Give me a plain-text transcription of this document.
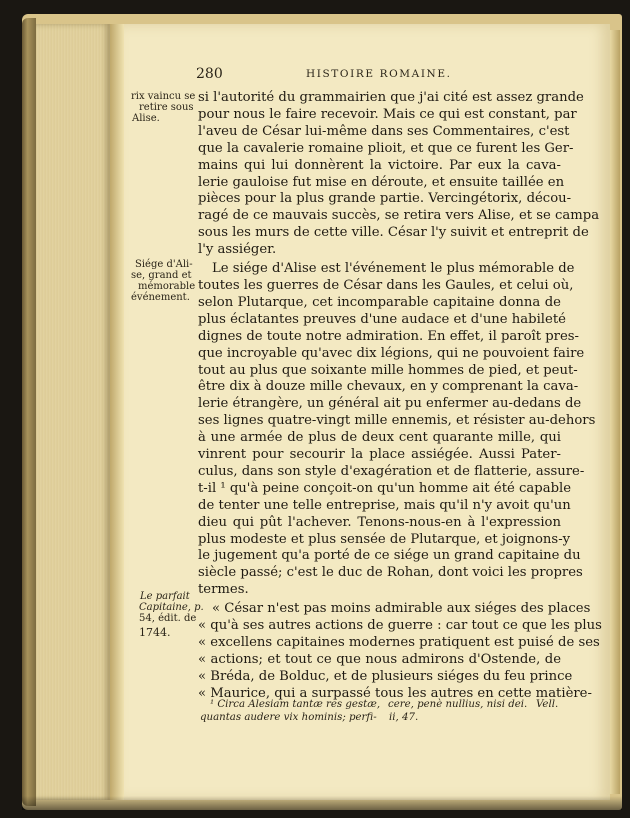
280	HISTOIRE ROMAINE.
rix vaincu se
retire sous
Alise.
Siége d'Ali-
se, grand et
mémorable
événement.
Le parfait
Capitaine, p.
54, édit. de
1744.
si l'autorité du grammairien que j'ai cité est assez grande
pour nous le faire recevoir. Mais ce qui est constant, par
l'aveu de César lui-même dans ses Commentaires, c'est
que la cavalerie romaine plioit, et que ce furent les Ger-
mains qui lui donnèrent la victoire. Par eux la cava-
lerie gauloise fut mise en déroute, et ensuite taillée en
pièces pour la plus grande partie. Vercingétorix, décou-
ragé de ce mauvais succès, se retira vers Alise, et se campa
sous les murs de cette ville. César l'y suivit et entreprit de
l'y assiéger.
Le siége d'Alise est l'événement le plus mémorable de
toutes les guerres de César dans les Gaules, et celui où,
selon Plutarque, cet incomparable capitaine donna de
plus éclatantes preuves d'une audace et d'une habileté
dignes de toute notre admiration. En effet, il paroît pres-
que incroyable qu'avec dix légions, qui ne pouvoient faire
tout au plus que soixante mille hommes de pied, et peut-
être dix à douze mille chevaux, en y comprenant la cava-
lerie étrangère, un général ait pu enfermer au-dedans de
ses lignes quatre-vingt mille ennemis, et résister au-dehors
à une armée de plus de deux cent quarante mille, qui
vinrent pour secourir la place assiégée. Aussi Pater-
culus, dans son style d'exagération et de flatterie, assure-
t-il ¹ qu'à peine conçoit-on qu'un homme ait été capable
de tenter une telle entreprise, mais qu'il n'y avoit qu'un
dieu qui pût l'achever. Tenons-nous-en à l'expression
plus modeste et plus sensée de Plutarque, et joignons-y
le jugement qu'a porté de ce siége un grand capitaine du
siècle passé; c'est le duc de Rohan, dont voici les propres
termes.
« César n'est pas moins admirable aux siéges des places
« qu'à ses autres actions de guerre : car tout ce que les plus
« excellens capitaines modernes pratiquent est puisé de ses
« actions; et tout ce que nous admirons d'Ostende, de
« Bréda, de Bolduc, et de plusieurs siéges du feu prince
« Maurice, qui a surpassé tous les autres en cette matière-
¹ Circa Alesiam tantæ res gestæ,
quantas audere vix hominis; perfi-
cere, penè nullius, nisi dei. Vell.
ii, 47.
